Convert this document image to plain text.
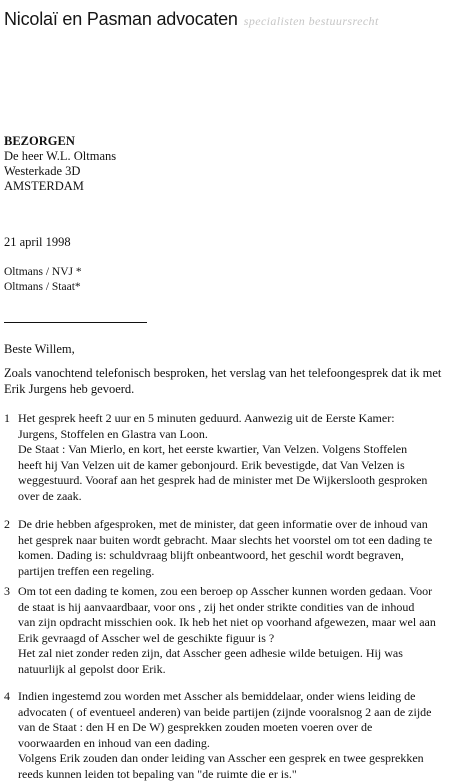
Nicolaï en Pasman advocaten specialisten bestuursrecht
BEZORGEN
De heer W.L. Oltmans
Westerkade 3D
AMSTERDAM
21 april 1998
Oltmans / NVJ *
Oltmans / Staat*
Beste Willem,
Zoals vanochtend telefonisch besproken, het verslag van het telefoongesprek dat ik met Erik Jurgens heb gevoerd.
1 Het gesprek heeft 2 uur en 5 minuten geduurd. Aanwezig uit de Eerste Kamer:
Jurgens, Stoffelen en Glastra van Loon.
De Staat : Van Mierlo, en kort, het eerste kwartier, Van Velzen. Volgens Stoffelen
heeft hij Van Velzen uit de kamer gebonjourd. Erik bevestigde, dat Van Velzen is
weggestuurd. Vooraf aan het gesprek had de minister met De Wijkerslooth gesproken
over de zaak.
2 De drie hebben afgesproken, met de minister, dat geen informatie over de inhoud van
het gesprek naar buiten wordt gebracht. Maar slechts het voorstel om tot een dading te
komen. Dading is: schuldvraag blijft onbeantwoord, het geschil wordt begraven,
partijen treffen een regeling.
3 Om tot een dading te komen, zou een beroep op Asscher kunnen worden gedaan. Voor
de staat is hij aanvaardbaar, voor ons , zij het onder strikte condities van de inhoud
van zijn opdracht misschien ook. Ik heb het niet op voorhand afgewezen, maar wel aan
Erik gevraagd of Asscher wel de geschikte figuur is ?
Het zal niet zonder reden zijn, dat Asscher geen adhesie wilde betuigen. Hij was
natuurlijk al gepolst door Erik.
4 Indien ingestemd zou worden met Asscher als bemiddelaar, onder wiens leiding de
advocaten ( of eventueel anderen) van beide partijen (zijnde vooralsnog 2 aan de zijde
van de Staat : den H en De W) gesprekken zouden moeten voeren over de
voorwaarden en inhoud van een dading.
Volgens Erik zouden dan onder leiding van Asscher een gesprek en twee gesprekken
reeds kunnen leiden tot bepaling van "de ruimte die er is."
